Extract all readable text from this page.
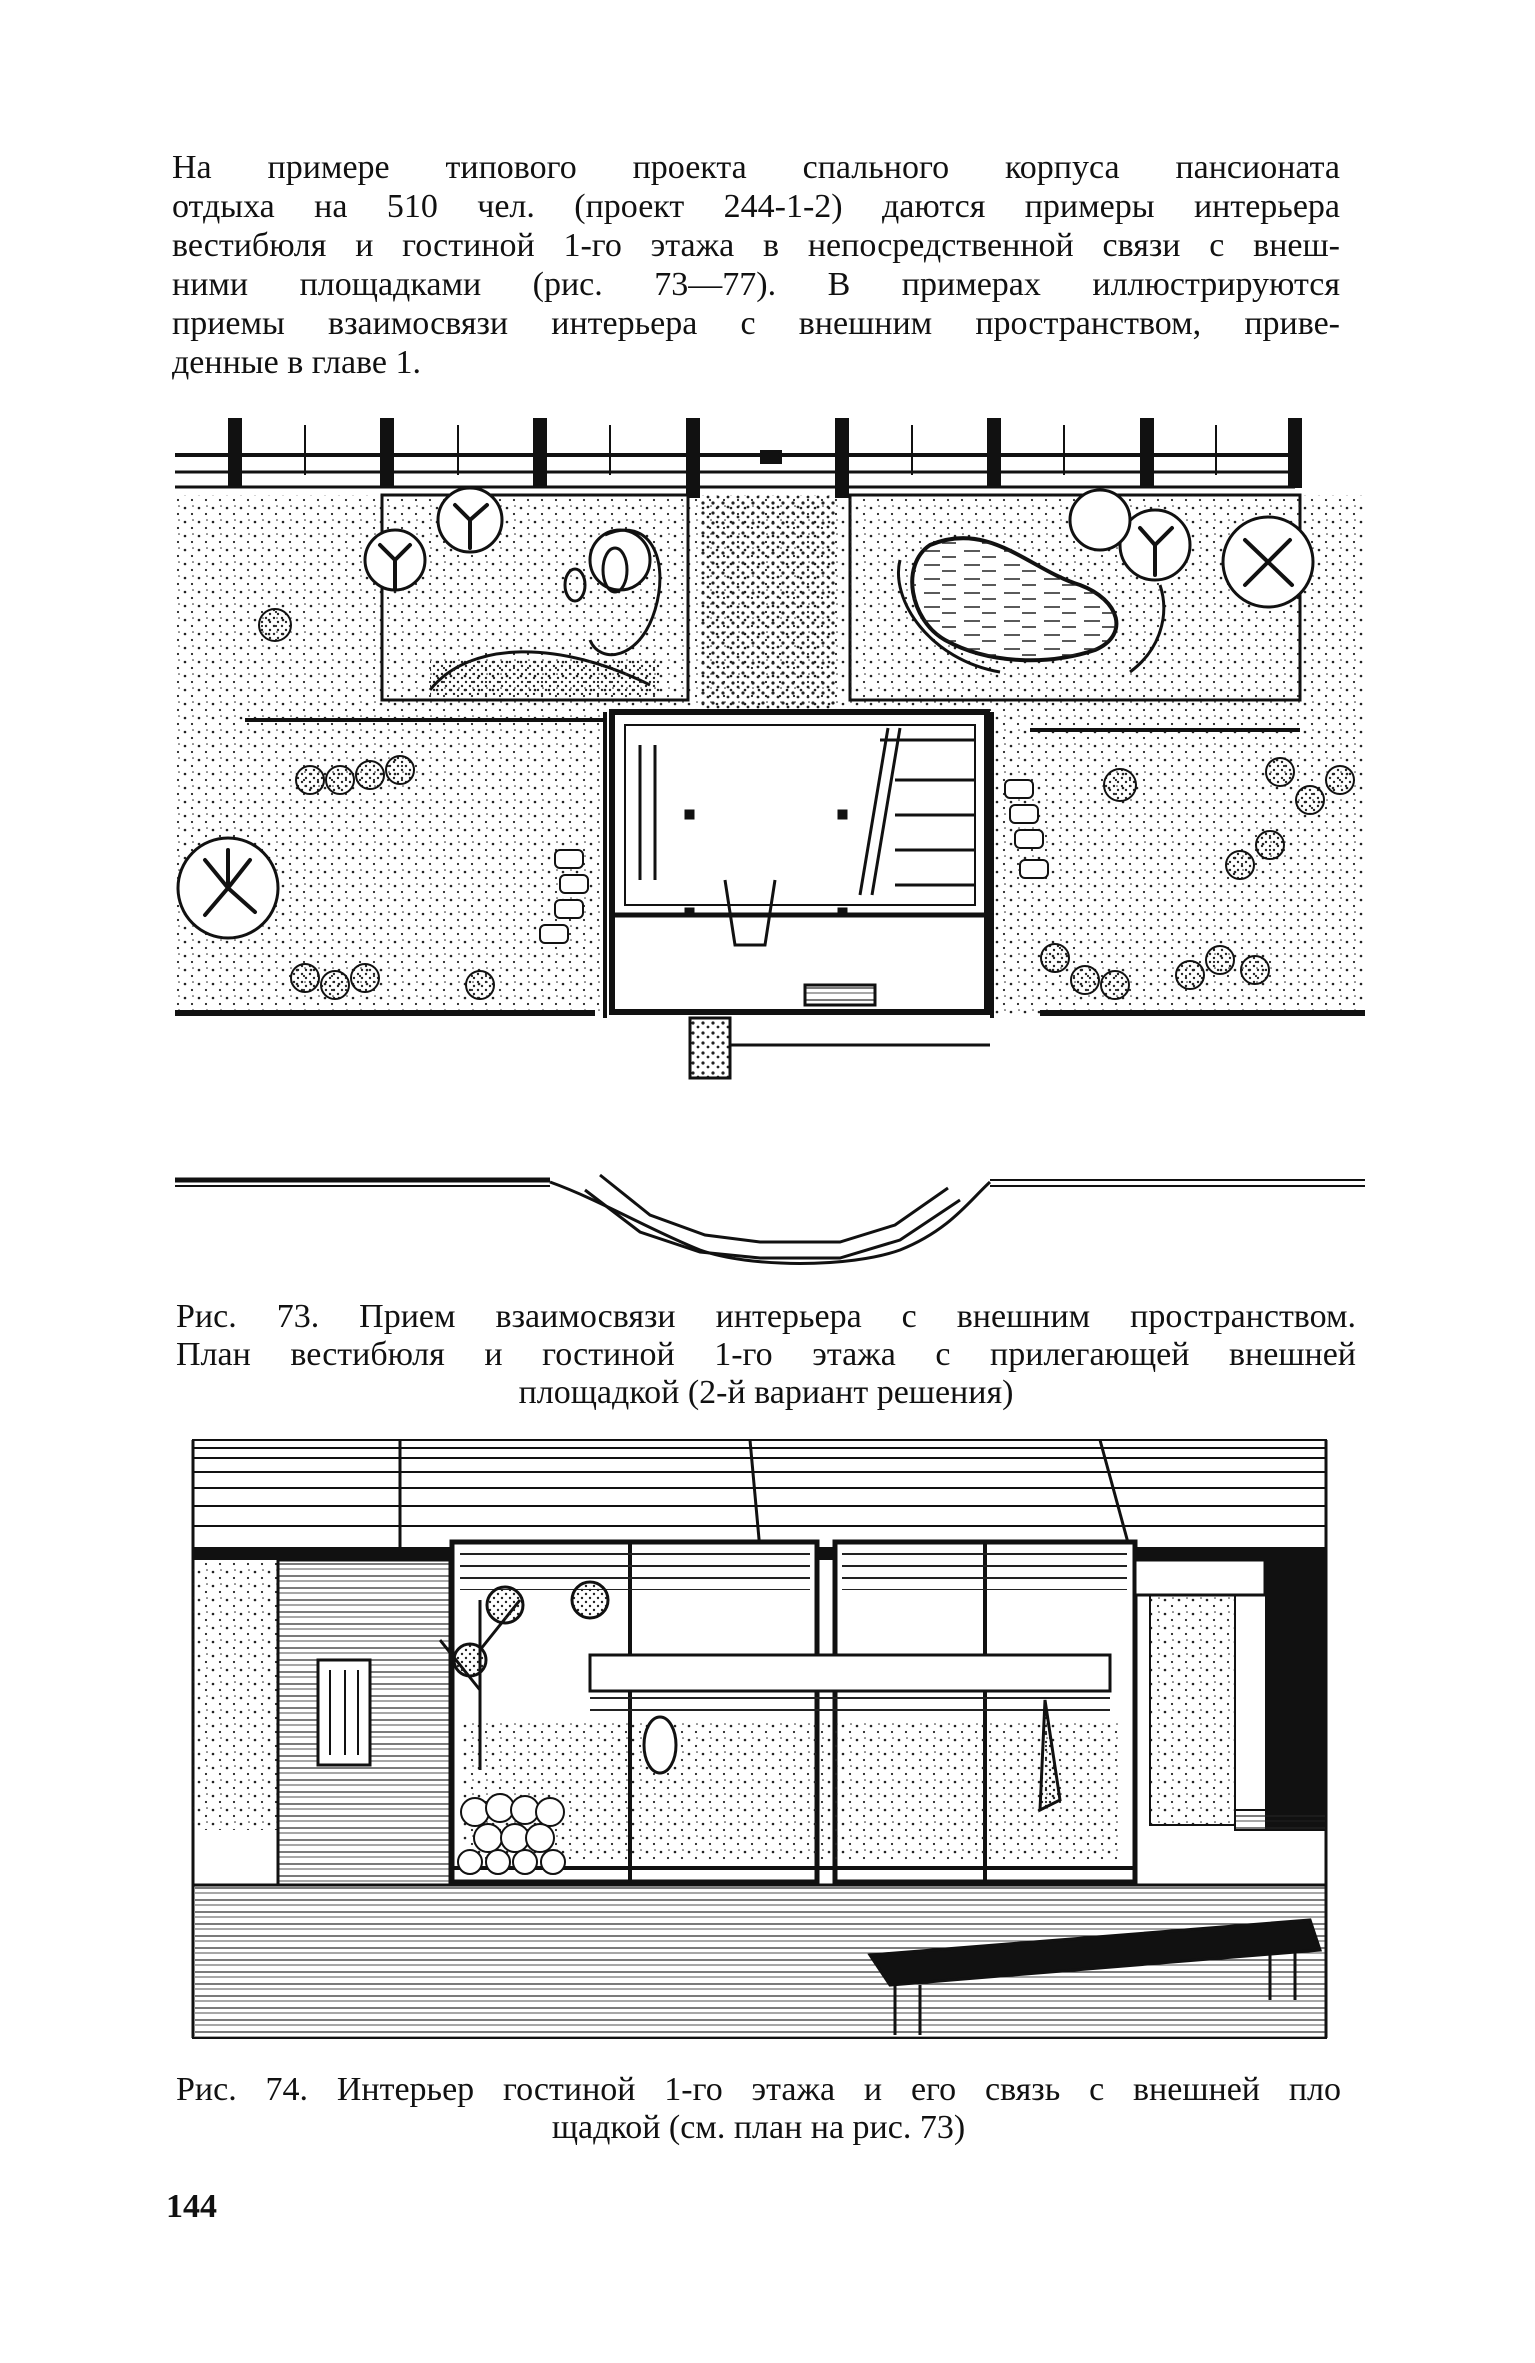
На примере типового проекта спального корпуса пансионата
отдыха на 510 чел. (проект 244-1-2) даются примеры интерьера
вестибюля и гостиной 1-го этажа в непосредственной связи с внеш-
ними площадками (рис. 73—77). В примерах иллюстрируются
приемы взаимосвязи интерьера с внешним пространством, приве-
денные в главе 1.
Рис. 73. Прием взаимосвязи интерьера с внешним пространством.
План вестибюля и гостиной 1-го этажа с прилегающей внешней
площадкой (2-й вариант решения)
Рис. 74. Интерьер гостиной 1-го этажа и его связь с внешней пло
щадкой (см. план на рис. 73)
144
